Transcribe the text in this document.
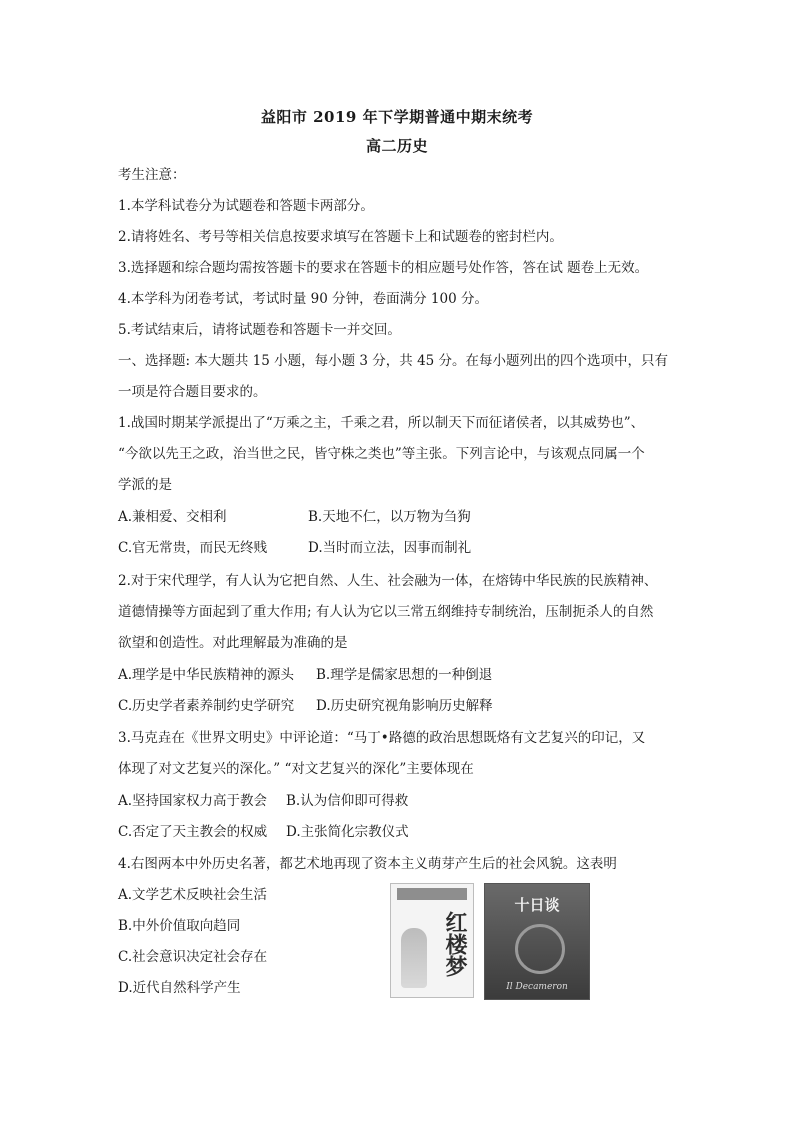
益阳市 2019 年下学期普通中期末统考
高二历史
考生注意：
1.本学科试卷分为试题卷和答题卡两部分。
2.请将姓名、考号等相关信息按要求填写在答题卡上和试题卷的密封栏内。
3.选择题和综合题均需按答题卡的要求在答题卡的相应题号处作答，答在试 题卷上无效。
4.本学科为闭卷考试，考试时量 90 分钟，卷面满分 100 分。
5.考试结束后，请将试题卷和答题卡一并交回。
一、选择题: 本大题共 15 小题，每小题 3 分，共 45 分。在每小题列出的四个选项中，只有
一项是符合题目要求的。
1.战国时期某学派提出了“万乘之主，千乘之君，所以制天下而征诸侯者，以其威势也”、
“今欲以先王之政，治当世之民，皆守株之类也”等主张。下列言论中，与该观点同属一个
学派的是
A.兼相爱、交相利	B.天地不仁，以万物为刍狗
C.官无常贵，而民无终贱	D.当时而立法，因事而制礼
2.对于宋代理学，有人认为它把自然、人生、社会融为一体，在熔铸中华民族的民族精神、
道德情操等方面起到了重大作用; 有人认为它以三常五纲维持专制统治，压制扼杀人的自然
欲望和创造性。对此理解最为准确的是
A.理学是中华民族精神的源头 B.理学是儒家思想的一种倒退
C.历史学者素养制约史学研究 D.历史研究视角影响历史解释
3.马克垚在《世界文明史》中评论道：“马丁•路德的政治思想既烙有文艺复兴的印记，又
体现了对文艺复兴的深化。” “对文艺复兴的深化”主要体现在
A.坚持国家权力高于教会 B.认为信仰即可得救
C.否定了天主教会的权威 D.主张简化宗教仪式
4.右图两本中外历史名著，都艺术地再现了资本主义萌芽产生后的社会风貌。这表明
A.文学艺术反映社会生活
B.中外价值取向趋同
C.社会意识决定社会存在
D.近代自然科学产生
红楼梦
十日谈
Il Decameron
